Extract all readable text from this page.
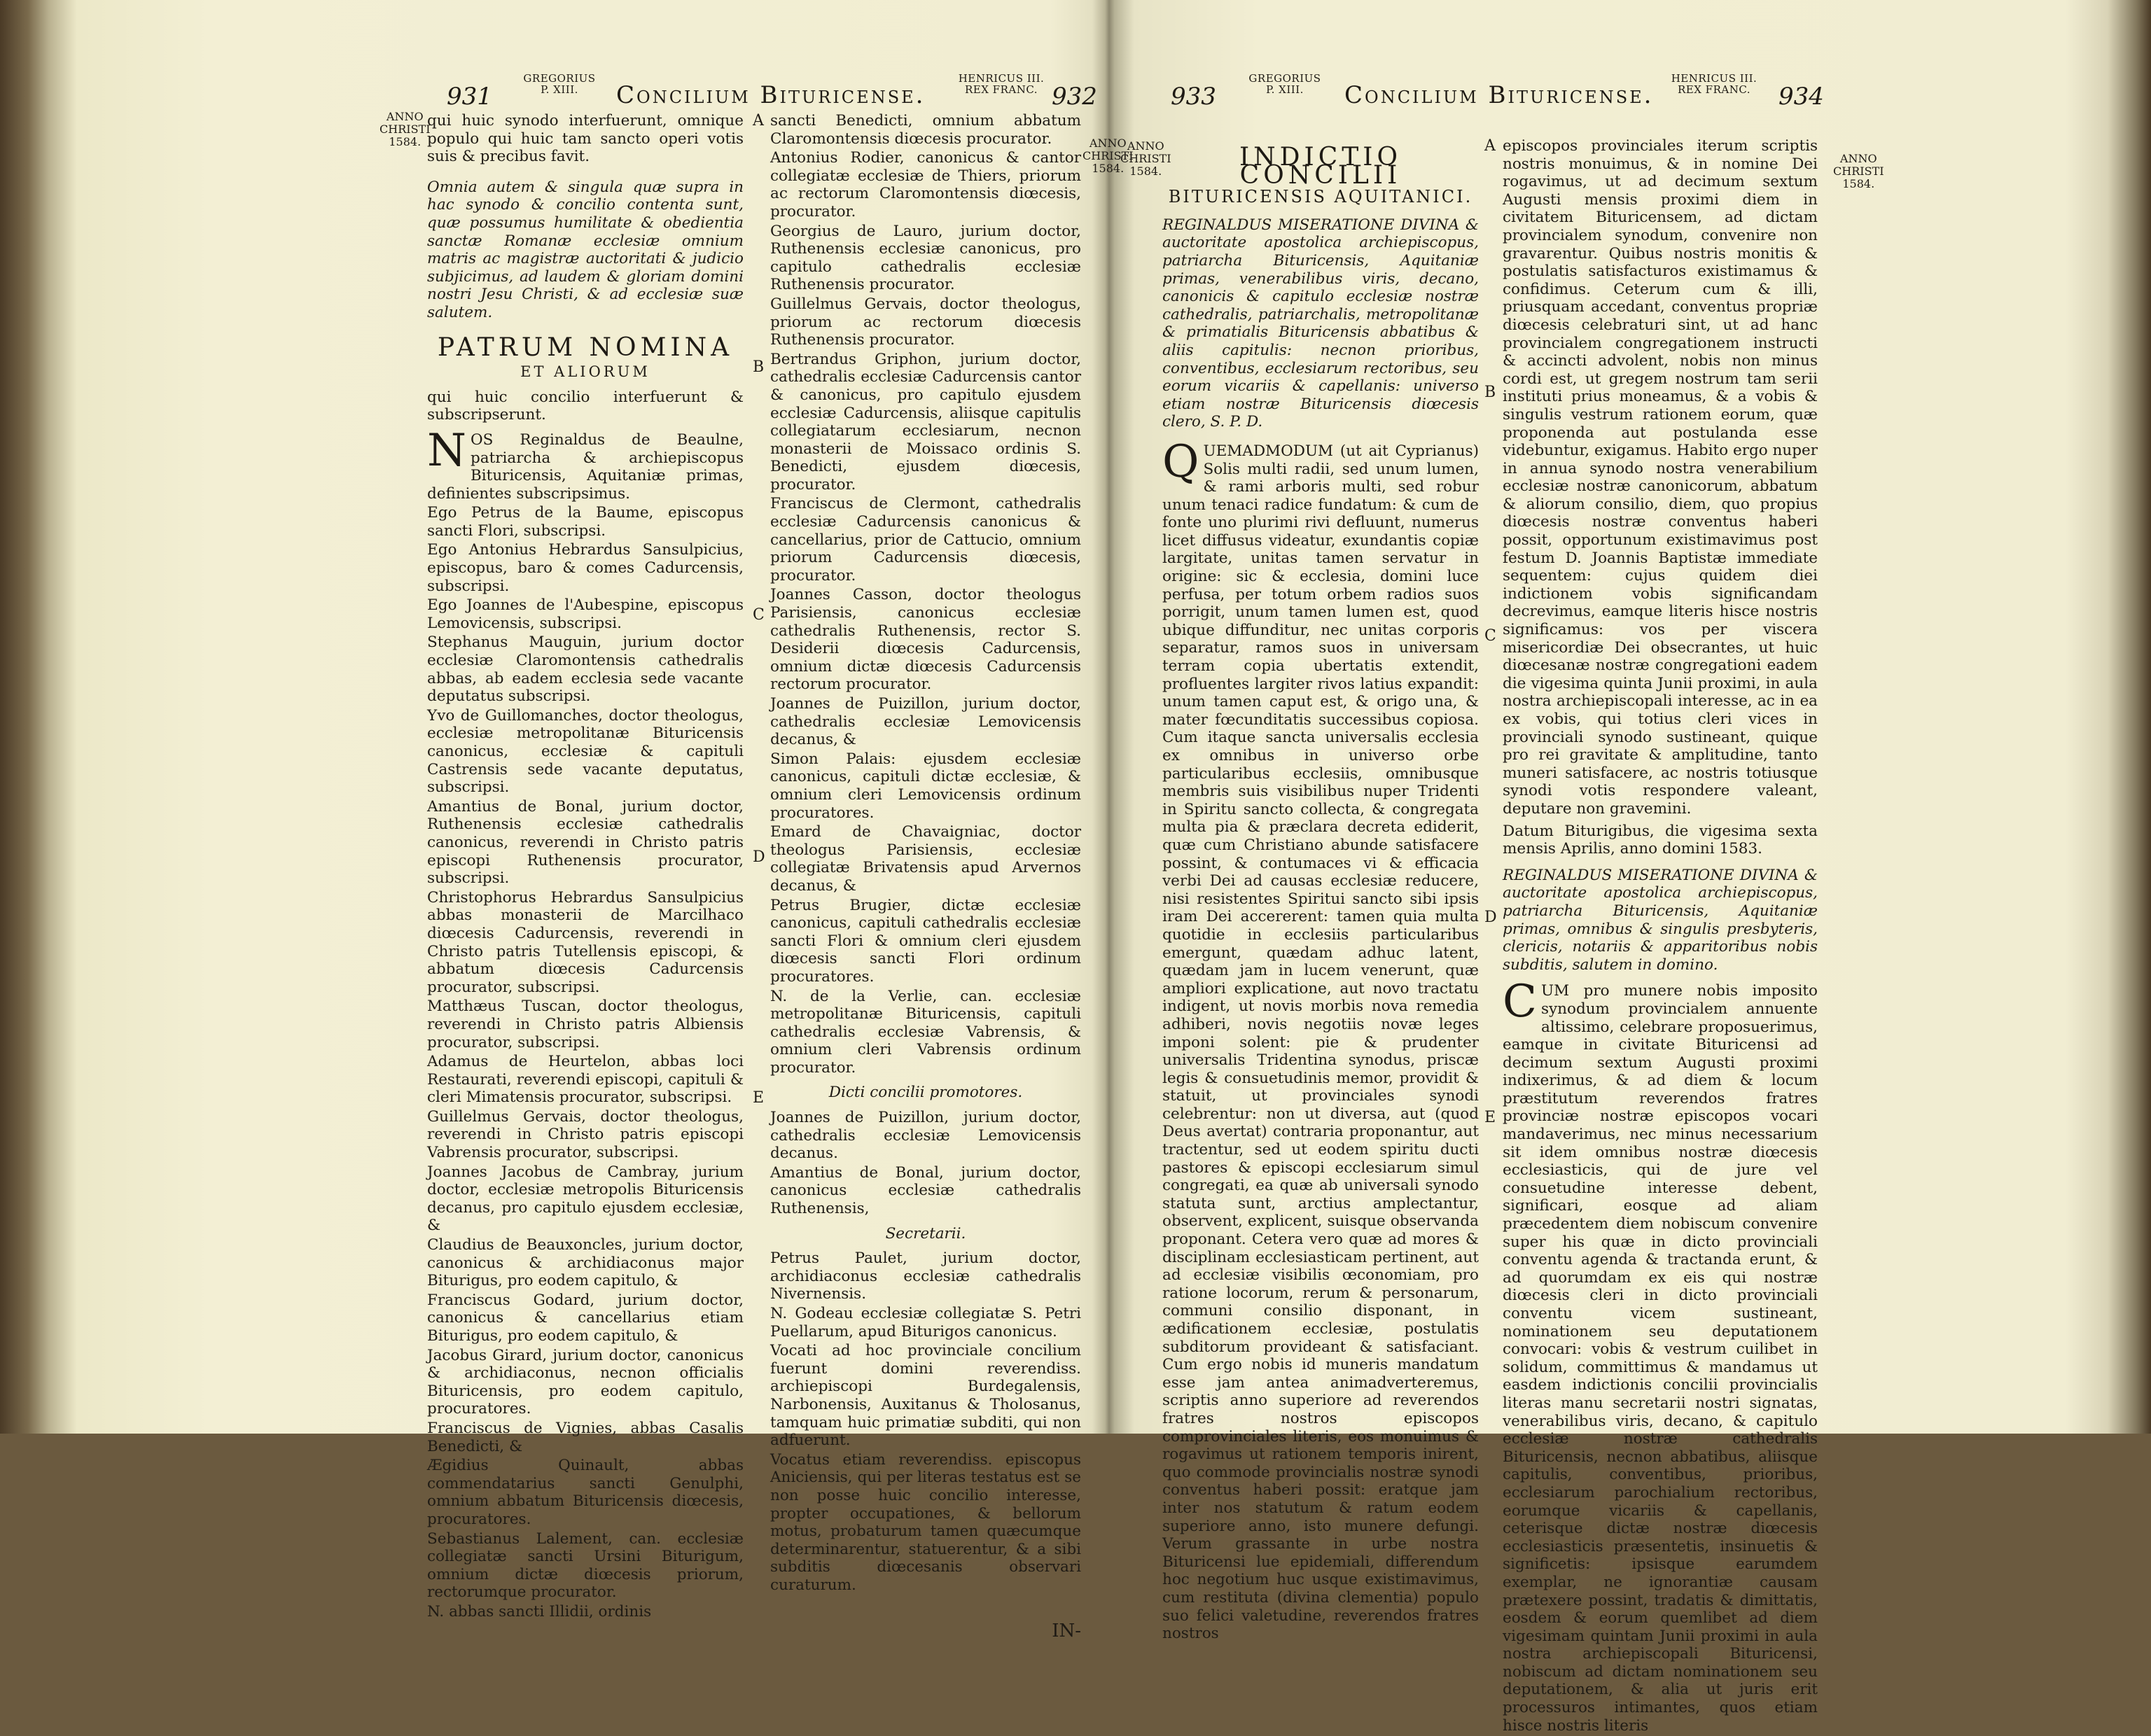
931
GREGORIUS
P. XIII.	Concilium Bituricense.
HENRICUS III.
REX FRANC. 932
ANNO
CHRISTI
1584.	ANNO
CHRISTI
1584.
A
B
C
D
E

qui huic synodo interfuerunt, omnique populo qui huic tam sancto operi votis suis & precibus favit.

Omnia autem & singula quæ supra in hac synodo & concilio contenta sunt, quæ possumus humilitate & obedientia sanctæ Romanæ ecclesiæ omnium matris ac magistræ auctoritati & judicio subjicimus, ad laudem & gloriam domini nostri Jesu Christi, & ad ecclesiæ suæ salutem.

PATRUM NOMINA
ET ALIORUM

qui huic concilio interfuerunt & subscripserunt.

NOS Reginaldus de Beaulne, patriarcha & archiepiscopus Bituricensis, Aquitaniæ primas, definientes subscripsimus.

Ego Petrus de la Baume, episcopus sancti Flori, subscripsi.

Ego Antonius Hebrardus Sansulpicius, episcopus, baro & comes Cadurcensis, subscripsi.

Ego Joannes de l'Aubespine, episcopus Lemovicensis, subscripsi.

Stephanus Mauguin, jurium doctor ecclesiæ Claromontensis cathedralis abbas, ab eadem ecclesia sede vacante deputatus subscripsi.

Yvo de Guillomanches, doctor theologus, ecclesiæ metropolitanæ Bituricensis canonicus, ecclesiæ & capituli Castrensis sede vacante deputatus, subscripsi.

Amantius de Bonal, jurium doctor, Ruthenensis ecclesiæ cathedralis canonicus, reverendi in Christo patris episcopi Ruthenensis procurator, subscripsi.

Christophorus Hebrardus Sansulpicius abbas monasterii de Marcilhaco diœcesis Cadurcensis, reverendi in Christo patris Tutellensis episcopi, & abbatum diœcesis Cadurcensis procurator, subscripsi.

Matthæus Tuscan, doctor theologus, reverendi in Christo patris Albiensis procurator, subscripsi.

Adamus de Heurtelon, abbas loci Restaurati, reverendi episcopi, capituli & cleri Mimatensis procurator, subscripsi.

Guillelmus Gervais, doctor theologus, reverendi in Christo patris episcopi Vabrensis procurator, subscripsi.

Joannes Jacobus de Cambray, jurium doctor, ecclesiæ metropolis Bituricensis decanus, pro capitulo ejusdem ecclesiæ, &

Claudius de Beauxoncles, jurium doctor, canonicus & archidiaconus major Biturigus, pro eodem capitulo, &

Franciscus Godard, jurium doctor, canonicus & cancellarius etiam Biturigus, pro eodem capitulo, &

Jacobus Girard, jurium doctor, canonicus & archidiaconus, necnon officialis Bituricensis, pro eodem capitulo, procuratores.

Franciscus de Vignies, abbas Casalis Benedicti, &

Ægidius Quinault, abbas commendatarius sancti Genulphi, omnium abbatum Bituricensis diœcesis, procuratores.

Sebastianus Lalement, can. ecclesiæ collegiatæ sancti Ursini Biturigum, omnium dictæ diœcesis priorum, rectorumque procurator.

N. abbas sancti Illidii, ordinis

sancti Benedicti, omnium abbatum Claromontensis diœcesis procurator.

Antonius Rodier, canonicus & cantor collegiatæ ecclesiæ de Thiers, priorum ac rectorum Claromontensis diœcesis, procurator.

Georgius de Lauro, jurium doctor, Ruthenensis ecclesiæ canonicus, pro capitulo cathedralis ecclesiæ Ruthenensis procurator.

Guillelmus Gervais, doctor theologus, priorum ac rectorum diœcesis Ruthenensis procurator.

Bertrandus Griphon, jurium doctor, cathedralis ecclesiæ Cadurcensis cantor & canonicus, pro capitulo ejusdem ecclesiæ Cadurcensis, aliisque capitulis collegiatarum ecclesiarum, necnon monasterii de Moissaco ordinis S. Benedicti, ejusdem diœcesis, procurator.

Franciscus de Clermont, cathedralis ecclesiæ Cadurcensis canonicus & cancellarius, prior de Cattucio, omnium priorum Cadurcensis diœcesis, procurator.

Joannes Casson, doctor theologus Parisiensis, canonicus ecclesiæ cathedralis Ruthenensis, rector S. Desiderii diœcesis Cadurcensis, omnium dictæ diœcesis Cadurcensis rectorum procurator.

Joannes de Puizillon, jurium doctor, cathedralis ecclesiæ Lemovicensis decanus, &

Simon Palais: ejusdem ecclesiæ canonicus, capituli dictæ ecclesiæ, & omnium cleri Lemovicensis ordinum procuratores.

Emard de Chavaigniac, doctor theologus Parisiensis, ecclesiæ collegiatæ Brivatensis apud Arvernos decanus, &

Petrus Brugier, dictæ ecclesiæ canonicus, capituli cathedralis ecclesiæ sancti Flori & omnium cleri ejusdem diœcesis sancti Flori ordinum procuratores.

N. de la Verlie, can. ecclesiæ metropolitanæ Bituricensis, capituli cathedralis ecclesiæ Vabrensis, & omnium cleri Vabrensis ordinum procurator.

Dicti concilii promotores.

Joannes de Puizillon, jurium doctor, cathedralis ecclesiæ Lemovicensis decanus.

Amantius de Bonal, jurium doctor, canonicus ecclesiæ cathedralis Ruthenensis,

Secretarii.

Petrus Paulet, jurium doctor, archidiaconus ecclesiæ cathedralis Nivernensis.

N. Godeau ecclesiæ collegiatæ S. Petri Puellarum, apud Biturigos canonicus.

Vocati ad hoc provinciale concilium fuerunt domini reverendiss. archiepiscopi Burdegalensis, Narbonensis, Auxitanus & Tholosanus, tamquam huic primatiæ subditi, qui non adfuerunt.

Vocatus etiam reverendiss. episcopus Aniciensis, qui per literas testatus est se non posse huic concilio interesse, propter occupationes, & bellorum motus, probaturum tamen quæcumque determinarentur, statuerentur, & a sibi subditis diœcesanis observari curaturum.

IN-
933
GREGORIUS
P. XIII.	Concilium Bituricense.
HENRICUS III.
REX FRANC.	934
ANNO
CHRISTI
1584.
ANNO
CHRISTI
1584.
A
B
C
D
E
INDICTIO CONCILII
BITURICENSIS AQUITANICI.

REGINALDUS MISERATIONE DIVINA & auctoritate apostolica archiepiscopus, patriarcha Bituricensis, Aquitaniæ primas, venerabilibus viris, decano, canonicis & capitulo ecclesiæ nostræ cathedralis, patriarchalis, metropolitanæ & primatialis Bituricensis abbatibus & aliis capitulis: necnon prioribus, conventibus, ecclesiarum rectoribus, seu eorum vicariis & capellanis: universo etiam nostræ Bituricensis diœcesis clero, S. P. D.

QUEMADMODUM (ut ait Cyprianus) Solis multi radii, sed unum lumen, & rami arboris multi, sed robur unum tenaci radice fundatum: & cum de fonte uno plurimi rivi defluunt, numerus licet diffusus videatur, exundantis copiæ largitate, unitas tamen servatur in origine: sic & ecclesia, domini luce perfusa, per totum orbem radios suos porrigit, unum tamen lumen est, quod ubique diffunditur, nec unitas corporis separatur, ramos suos in universam terram copia ubertatis extendit, profluentes largiter rivos latius expandit: unum tamen caput est, & origo una, & mater fœcunditatis successibus copiosa. Cum itaque sancta universalis ecclesia ex omnibus in universo orbe particularibus ecclesiis, omnibusque membris suis visibilibus nuper Tridenti in Spiritu sancto collecta, & congregata multa pia & præclara decreta ediderit, quæ cum Christiano abunde satisfacere possint, & contumaces vi & efficacia verbi Dei ad causas ecclesiæ reducere, nisi resistentes Spiritui sancto sibi ipsis iram Dei accererent: tamen quia multa quotidie in ecclesiis particularibus emergunt, quædam adhuc latent, quædam jam in lucem venerunt, quæ ampliori explicatione, aut novo tractatu indigent, ut novis morbis nova remedia adhiberi, novis negotiis novæ leges imponi solent: pie & prudenter universalis Tridentina synodus, priscæ legis & consuetudinis memor, providit & statuit, ut provinciales synodi celebrentur: non ut diversa, aut (quod Deus avertat) contraria proponantur, aut tractentur, sed ut eodem spiritu ducti pastores & episcopi ecclesiarum simul congregati, ea quæ ab universali synodo statuta sunt, arctius amplectantur, observent, explicent, suisque observanda proponant. Cetera vero quæ ad mores & disciplinam ecclesiasticam pertinent, aut ad ecclesiæ visibilis œconomiam, pro ratione locorum, rerum & personarum, communi consilio disponant, in ædificationem ecclesiæ, postulatis subditorum provideant & satisfaciant. Cum ergo nobis id muneris mandatum esse jam antea animadverteremus, scriptis anno superiore ad reverendos fratres nostros episcopos comprovinciales literis, eos monuimus & rogavimus ut rationem temporis inirent, quo commode provincialis nostræ synodi conventus haberi possit: eratque jam inter nos statutum & ratum eodem superiore anno, isto munere defungi. Verum grassante in urbe nostra Bituricensi lue epidemiali, differendum hoc negotium huc usque existimavimus, cum restituta (divina clementia) populo suo felici valetudine, reverendos fratres nostros

episcopos provinciales iterum scriptis nostris monuimus, & in nomine Dei rogavimus, ut ad decimum sextum Augusti mensis proximi diem in civitatem Bituricensem, ad dictam provincialem synodum, convenire non gravarentur. Quibus nostris monitis & postulatis satisfacturos existimamus & confidimus. Ceterum cum & illi, priusquam accedant, conventus propriæ diœcesis celebraturi sint, ut ad hanc provincialem congregationem instructi & accincti advolent, nobis non minus cordi est, ut gregem nostrum tam serii instituti prius moneamus, & a vobis & singulis vestrum rationem eorum, quæ proponenda aut postulanda esse videbuntur, exigamus. Habito ergo nuper in annua synodo nostra venerabilium ecclesiæ nostræ canonicorum, abbatum & aliorum consilio, diem, quo propius diœcesis nostræ conventus haberi possit, opportunum existimavimus post festum D. Joannis Baptistæ immediate sequentem: cujus quidem diei indictionem vobis significandam decrevimus, eamque literis hisce nostris significamus: vos per viscera misericordiæ Dei obsecrantes, ut huic diœcesanæ nostræ congregationi eadem die vigesima quinta Junii proximi, in aula nostra archiepiscopali interesse, ac in ea ex vobis, qui totius cleri vices in provinciali synodo sustineant, quique pro rei gravitate & amplitudine, tanto muneri satisfacere, ac nostris totiusque synodi votis respondere valeant, deputare non gravemini.

Datum Biturigibus, die vigesima sexta mensis Aprilis, anno domini 1583.

REGINALDUS MISERATIONE DIVINA & auctoritate apostolica archiepiscopus, patriarcha Bituricensis, Aquitaniæ primas, omnibus & singulis presbyteris, clericis, notariis & apparitoribus nobis subditis, salutem in domino.

CUM pro munere nobis imposito synodum provincialem annuente altissimo, celebrare proposuerimus, eamque in civitate Bituricensi ad decimum sextum Augusti proximi indixerimus, & ad diem & locum præstitutum reverendos fratres provinciæ nostræ episcopos vocari mandaverimus, nec minus necessarium sit idem omnibus nostræ diœcesis ecclesiasticis, qui de jure vel consuetudine interesse debent, significari, eosque ad aliam præcedentem diem nobiscum convenire super his quæ in dicto provinciali conventu agenda & tractanda erunt, & ad quorumdam ex eis qui nostræ diœcesis cleri in dicto provinciali conventu vicem sustineant, nominationem seu deputationem convocari: vobis & vestrum cuilibet in solidum, committimus & mandamus ut easdem indictionis concilii provincialis literas manu secretarii nostri signatas, venerabilibus viris, decano, & capitulo ecclesiæ nostræ cathedralis Bituricensis, necnon abbatibus, aliisque capitulis, conventibus, prioribus, ecclesiarum parochialium rectoribus, eorumque vicariis & capellanis, ceterisque dictæ nostræ diœcesis ecclesiasticis præsentetis, insinuetis & significetis: ipsisque earumdem exemplar, ne ignorantiæ causam prætexere possint, tradatis & dimittatis, eosdem & eorum quemlibet ad diem vigesimam quintam Junii proximi in aula nostra archiepiscopali Bituricensi, nobiscum ad dictam nominationem seu deputationem, & alia ut juris erit processuros intimantes, quos etiam hisce nostris literis
